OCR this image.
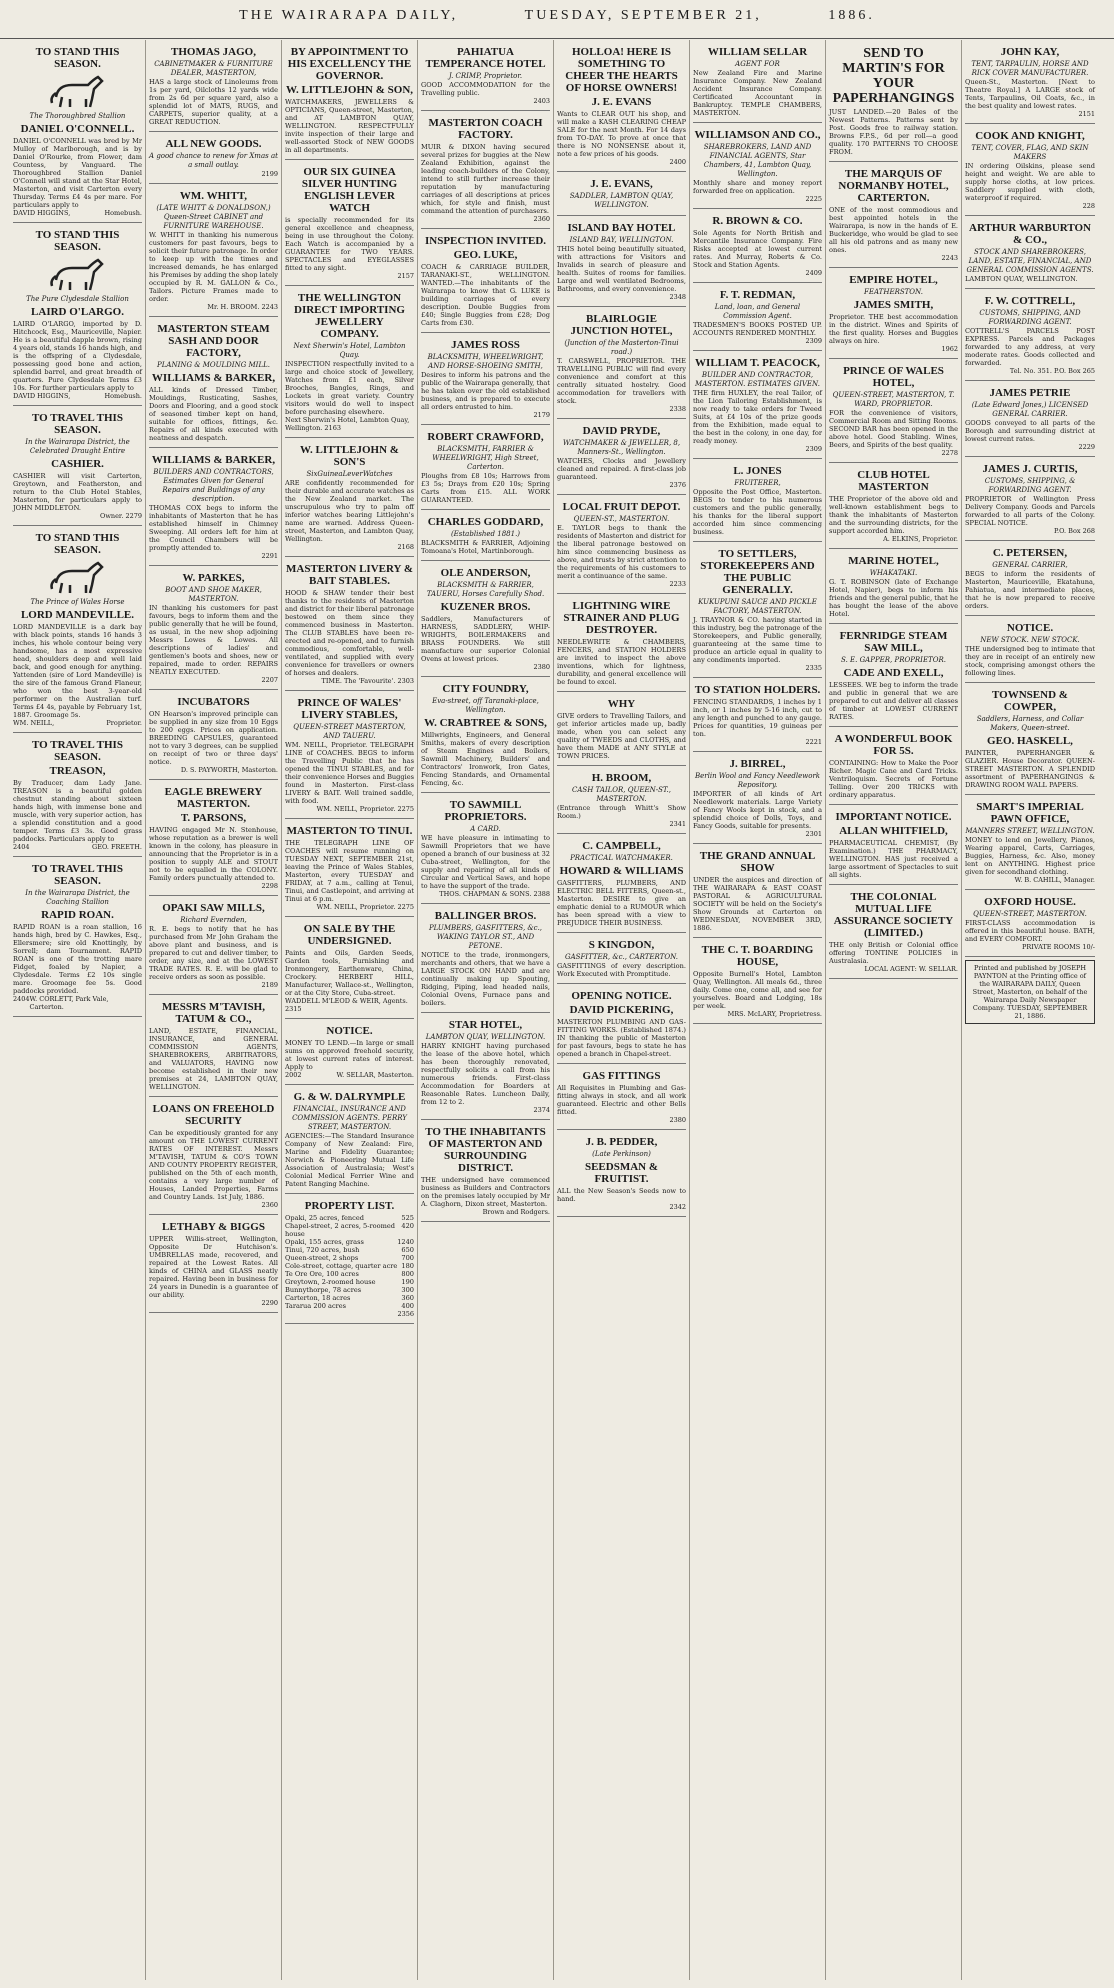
THE WAIRARAPA DAILY,	TUESDAY, SEPTEMBER 21,	1886.
TO STAND THIS SEASON.
The Thoroughbred Stallion
DANIEL O'CONNELL.
DANIEL O'CONNELL was bred by Mr Mulloy of Marlborough, and is by Daniel O'Rourke, from Flower, dam Countess, by Vanguard. The Thoroughbred Stallion Daniel O'Connell will stand at the Star Hotel, Masterton, and visit Carterton every Thursday. Terms £4 4s per mare. For particulars apply to
DAVID HIGGINS,	Homebush.
TO STAND THIS SEASON.
The Pure Clydesdale Stallion
LAIRD O'LARGO.
LAIRD O'LARGO, imported by D. Hitchcock, Esq., Mauriceville, Napier. He is a beautiful dapple brown, rising 4 years old, stands 16 hands high, and is the offspring of a Clydesdale, possessing good bone and action, splendid barrel, and great breadth of quarters. Pure Clydesdale Terms £3 10s. For further particulars apply to
DAVID HIGGINS,	Homebush.
TO TRAVEL THIS SEASON.
In the Wairarapa District, the Celebrated Draught Entire
CASHIER.
CASHIER will visit Carterton, Greytown, and Featherston, and return to the Club Hotel Stables, Masterton, for particulars apply to JOHN MIDDLETON.
Owner. 2279
TO STAND THIS SEASON.
The Prince of Wales Horse
LORD MANDEVILLE.
LORD MANDEVILLE is a dark bay with black points, stands 16 hands 3 inches, his whole contour being very handsome, has a most expressive head, shoulders deep and well laid back, and good enough for anything. Yattenden (sire of Lord Mandeville) is the sire of the famous Grand Flaneur, who won the best 3-year-old performer on the Australian turf. Terms £4 4s, payable by February 1st, 1887. Groomage 5s.
WM. NEILL,	Proprietor.
TO TRAVEL THIS SEASON.
TREASON,
By Traducer, dam Lady Jane. TREASON is a beautiful golden chestnut standing about sixteen hands high, with immense bone and muscle, with very superior action, has a splendid constitution and a good temper. Terms £3 3s. Good grass paddocks. Particulars apply to
2404	GEO. FREETH.
TO TRAVEL THIS SEASON.
In the Wairarapa District, the Coaching Stallion
RAPID ROAN.
RAPID ROAN is a roan stallion, 16 hands high, bred by C. Hawkes, Esq., Ellersmere; sire old Knottingly, by Sorrell; dam Tournament. RAPID ROAN is one of the trotting mare Fidget, foaled by Napier, a Clydesdale. Terms £2 10s single mare. Groomage fee 5s. Good paddocks provided.
2404 W. CORLETT, Park Vale, Carterton.
THOMAS JAGO,
CABINETMAKER & FURNITURE DEALER, MASTERTON,
HAS a large stock of Linoleums from 1s per yard, Oilcloths 12 yards wide from 2s 6d per square yard, also a splendid lot of MATS, RUGS, and CARPETS, superior quality, at a GREAT REDUCTION.
ALL NEW GOODS.
A good chance to renew for Xmas at a small outlay.
2199
WM. WHITT,
(LATE WHITT & DONALDSON,) Queen-Street CABINET and FURNITURE WAREHOUSE.
W. WHITT in thanking his numerous customers for past favours, begs to solicit their future patronage. In order to keep up with the times and increased demands, he has enlarged his Premises by adding the shop lately occupied by R. M. GALLON & Co., Tailors. Picture Frames made to order.
Mr. H. BROOM. 2243
MASTERTON STEAM SASH AND DOOR FACTORY,
PLANING & MOULDING MILL.
WILLIAMS & BARKER,
ALL kinds of Dressed Timber, Mouldings, Rusticating, Sashes, Doors and Flooring, and a good stock of seasoned timber kept on hand, suitable for offices, fittings, &c. Repairs of all kinds executed with neatness and despatch.
WILLIAMS & BARKER,
BUILDERS AND CONTRACTORS, Estimates Given for General Repairs and Buildings of any description.
THOMAS COX begs to inform the inhabitants of Masterton that he has established himself in Chimney Sweeping. All orders left for him at the Council Chambers will be promptly attended to.
2291
W. PARKES,
BOOT AND SHOE MAKER, MASTERTON.
IN thanking his customers for past favours, begs to inform them and the public generally that he will be found, as usual, in the new shop adjoining Messrs Lowes & Lowes. All descriptions of ladies' and gentlemen's boots and shoes, new or repaired, made to order. REPAIRS NEATLY EXECUTED.
2207
INCUBATORS
ON Hearson's improved principle can be supplied in any size from 10 Eggs to 200 eggs. Prices on application. BREEDING CAPSULES, guaranteed not to vary 3 degrees, can be supplied on receipt of two or three days' notice.
D. S. PAYWORTH, Masterton.
EAGLE BREWERY MASTERTON.
T. PARSONS,
HAVING engaged Mr N. Stenhouse, whose reputation as a brewer is well known in the colony, has pleasure in announcing that the Proprietor is in a position to supply ALE and STOUT not to be equalled in the COLONY. Family orders punctually attended to.
2298
OPAKI SAW MILLS,
Richard Evernden,
R. E. begs to notify that he has purchased from Mr John Graham the above plant and business, and is prepared to cut and deliver timber, to order, any size, and at the LOWEST TRADE RATES. R. E. will be glad to receive orders as soon as possible.
2189
MESSRS M'TAVISH, TATUM & CO.,
LAND, ESTATE, FINANCIAL, INSURANCE, and GENERAL COMMISSION AGENTS, SHAREBROKERS, ARBITRATORS, and VALUATORS, HAVING now become established in their new premises at 24, LAMBTON QUAY, WELLINGTON.
LOANS ON FREEHOLD SECURITY
Can be expeditiously granted for any amount on THE LOWEST CURRENT RATES OF INTEREST. Messrs M'TAVISH, TATUM & CO'S TOWN AND COUNTY PROPERTY REGISTER, published on the 5th of each month, contains a very large number of Houses, Landed Properties, Farms and Country Lands. 1st July, 1886.
2360
LETHABY & BIGGS
UPPER Willis-street, Wellington, Opposite Dr Hutchison's. UMBRELLAS made, recovered, and repaired at the Lowest Rates. All kinds of CHINA and GLASS neatly repaired. Having been in business for 24 years in Dunedin is a guarantee of our ability.
2290
BY APPOINTMENT TO HIS EXCELLENCY THE GOVERNOR.
W. LITTLEJOHN & SON,
WATCHMAKERS, JEWELLERS & OPTICIANS, Queen-street, Masterton, and AT LAMBTON QUAY, WELLINGTON. RESPECTFULLY invite inspection of their large and well-assorted Stock of NEW GOODS in all departments.
OUR SIX GUINEA SILVER HUNTING ENGLISH LEVER WATCH
is specially recommended for its general excellence and cheapness, being in use throughout the Colony. Each Watch is accompanied by a GUARANTEE for TWO YEARS. SPECTACLES and EYEGLASSES fitted to any sight.
2157
THE WELLINGTON DIRECT IMPORTING JEWELLERY COMPANY.
Next Sherwin's Hotel, Lambton Quay.
INSPECTION respectfully invited to a large and choice stock of Jewellery, Watches from £1 each, Silver Brooches, Bangles, Rings, and Lockets in great variety. Country visitors would do well to inspect before purchasing elsewhere.
Next Sherwin's Hotel, Lambton Quay, Wellington. 2163
W. LITTLEJOHN & SON'S
SixGuineaLeverWatches
ARE confidently recommended for their durable and accurate watches as the New Zealand market. The unscrupulous who try to palm off inferior watches bearing Littlejohn's name are warned. Address Queen-street, Masterton, and Lambton Quay, Wellington.
2168
MASTERTON LIVERY & BAIT STABLES.
HOOD & SHAW tender their best thanks to the residents of Masterton and district for their liberal patronage bestowed on them since they commenced business in Masterton. The CLUB STABLES have been re-erected and re-opened, and to furnish commodious, comfortable, well-ventilated, and supplied with every convenience for travellers or owners of horses and dealers.
TIME. The 'Favourite'. 2303
PRINCE OF WALES' LIVERY STABLES,
QUEEN-STREET MASTERTON, AND TAUERU.
WM. NEILL, Proprietor. TELEGRAPH LINE of COACHES. BEGS to inform the Travelling Public that he has opened the TINUI STABLES, and for their convenience Horses and Buggies found in Masterton. First-class LIVERY & BAIT. Well trained saddle, with food.
WM. NEILL, Proprietor. 2275
MASTERTON TO TINUI.
THE TELEGRAPH LINE OF COACHES will resume running on TUESDAY NEXT, SEPTEMBER 21st, leaving the Prince of Wales Stables, Masterton, every TUESDAY and FRIDAY, at 7 a.m., calling at Tenui, Tinui, and Castlepoint, and arriving at Tinui at 6 p.m.
WM. NEILL, Proprietor. 2275
ON SALE BY THE UNDERSIGNED.
Paints and Oils, Garden Seeds, Garden tools, Furnishing and Ironmongery, Earthenware, China, Crockery. HERBERT HILL, Manufacturer, Wallace-st., Wellington, or at the City Store, Cuba-street.
WADDELL M'LEOD & WEIR, Agents. 2315
NOTICE.
MONEY TO LEND.—In large or small sums on approved freehold security, at lowest current rates of interest. Apply to
2002	W. SELLAR, Masterton.
G. & W. DALRYMPLE
FINANCIAL, INSURANCE AND COMMISSION AGENTS. PERRY STREET, MASTERTON.
AGENCIES:—The Standard Insurance Company of New Zealand: Fire, Marine and Fidelity Guarantee; Norwich & Pioneering Mutual Life Association of Australasia; West's Colonial Medical Ferrier Wine and Patent Ranging Machine.
PROPERTY LIST.
Opaki, 25 acres, fenced	525
Chapel-street, 2 acres, 5-roomed house
420
Opaki, 155 acres, grass	1240
Tinui, 720 acres, bush	650
Queen-street, 2 shops	700
Cole-street, cottage, quarter acre 180
Te Ore Ore, 100 acres	800
Greytown, 2-roomed house	190
Bunnythorpe, 78 acres	300
Carterton, 18 acres	360
Tararua 200 acres	400
2356
PAHIATUA TEMPERANCE HOTEL
J. CRIMP, Proprietor.
GOOD ACCOMMODATION for the Travelling public.
2403
MASTERTON COACH FACTORY.
MUIR & DIXON having secured several prizes for buggies at the New Zealand Exhibition, against the leading coach-builders of the Colony, intend to still further increase their reputation by manufacturing carriages of all descriptions at prices which, for style and finish, must command the attention of purchasers.
2360
INSPECTION INVITED.
GEO. LUKE,
COACH & CARRIAGE BUILDER, TARANAKI-ST., WELLINGTON. WANTED.—The inhabitants of the Wairarapa to know that G. LUKE is building carriages of every description. Double Buggies from £40; Single Buggies from £28; Dog Carts from £30.
JAMES ROSS
BLACKSMITH, WHEELWRIGHT, AND HORSE-SHOEING SMITH,
Desires to inform his patrons and the public of the Wairarapa generally, that he has taken over the old established business, and is prepared to execute all orders entrusted to him.
2179
ROBERT CRAWFORD,
BLACKSMITH, FARRIER & WHEELWRIGHT, High Street, Carterton.
Ploughs from £8 10s; Harrows from £3 5s; Drays from £20 10s; Spring Carts from £15. ALL WORK GUARANTEED.
CHARLES GODDARD,
(Established 1881.)
BLACKSMITH & FARRIER, Adjoining Tomoana's Hotel, Martinborough.
OLE ANDERSON,
BLACKSMITH & FARRIER, TAUERU, Horses Carefully Shod.
KUZENER BROS.
Saddlers, Manufacturers of HARNESS, SADDLERY, WHIP-WRIGHTS, BOILERMAKERS and BRASS FOUNDERS. We still manufacture our superior Colonial Ovens at lowest prices.
2380
CITY FOUNDRY,
Eva-street, off Taranaki-place, Wellington.
W. CRABTREE & SONS,
Millwrights, Engineers, and General Smiths, makers of every description of Steam Engines and Boilers, Sawmill Machinery, Builders' and Contractors' Ironwork, Iron Gates, Fencing Standards, and Ornamental Fencing, &c.
TO SAWMILL PROPRIETORS.
A CARD.
WE have pleasure in intimating to Sawmill Proprietors that we have opened a branch of our business at 32 Cuba-street, Wellington, for the supply and repairing of all kinds of Circular and Vertical Saws, and hope to have the support of the trade.
THOS. CHAPMAN & SONS. 2388
BALLINGER BROS.
PLUMBERS, GASFITTERS, &c., WAKING TAYLOR ST., AND PETONE.
NOTICE to the trade, ironmongers, merchants and others, that we have a LARGE STOCK ON HAND and are continually making up Spouting, Ridging, Piping, lead headed nails, Colonial Ovens, Furnace pans and boilers.
STAR HOTEL,
LAMBTON QUAY, WELLINGTON.
HARRY KNIGHT having purchased the lease of the above hotel, which has been thoroughly renovated, respectfully solicits a call from his numerous friends. First-class Accommodation for Boarders at Reasonable Rates. Luncheon Daily, from 12 to 2.
2374
TO THE INHABITANTS OF MASTERTON AND SURROUNDING DISTRICT.
THE undersigned have commenced business as Builders and Contractors on the premises lately occupied by Mr A. Claghorn, Dixon street, Masterton.
Brown and Rodgers.
HOLLOA! HERE IS SOMETHING TO CHEER THE HEARTS OF HORSE OWNERS!
J. E. EVANS
Wants to CLEAR OUT his shop, and will make a KASH CLEARING CHEAP SALE for the next Month. For 14 days from TO-DAY. To prove at once that there is NO NONSENSE about it, note a few prices of his goods.
2400
J. E. EVANS,
SADDLER, LAMBTON QUAY, WELLINGTON.
ISLAND BAY HOTEL
ISLAND BAY, WELLINGTON.
THIS hotel being beautifully situated, with attractions for Visitors and Invalids in search of pleasure and health. Suites of rooms for families. Large and well ventilated Bedrooms, Bathrooms, and every convenience.
2348
BLAIRLOGIE JUNCTION HOTEL,
(Junction of the Masterton-Tinui road.)
T. CARSWELL, PROPRIETOR. THE TRAVELLING PUBLIC will find every convenience and comfort at this centrally situated hostelry. Good accommodation for travellers with stock.
2338
DAVID PRYDE,
WATCHMAKER & JEWELLER, 8, Manners-St., Wellington.
WATCHES, Clocks and Jewellery cleaned and repaired. A first-class job guaranteed.
2376
LOCAL FRUIT DEPOT.
QUEEN-ST., MASTERTON.
E. TAYLOR begs to thank the residents of Masterton and district for the liberal patronage bestowed on him since commencing business as above, and trusts by strict attention to the requirements of his customers to merit a continuance of the same.
2233
LIGHTNING WIRE STRAINER AND PLUG DESTROYER.
NEEDLEWRITE & CHAMBERS, FENCERS, and STATION HOLDERS are invited to inspect the above inventions, which for lightness, durability, and general excellence will be found to excel.
WHY
GIVE orders to Travelling Tailors, and get inferior articles made up, badly made, when you can select any quality of TWEEDS and CLOTHS, and have them MADE at ANY STYLE at TOWN PRICES.
H. BROOM,
CASH TAILOR, QUEEN-ST., MASTERTON.
(Entrance through Whitt's Show Room.)
2341
C. CAMPBELL,
PRACTICAL WATCHMAKER.
HOWARD & WILLIAMS
GASFITTERS, PLUMBERS, AND ELECTRIC BELL FITTERS, Queen-st., Masterton. DESIRE to give an emphatic denial to a RUMOUR which has been spread with a view to PREJUDICE THEIR BUSINESS.
S KINGDON,
GASFITTER, &c., CARTERTON.
GASFITTINGS of every description. Work Executed with Promptitude.
OPENING NOTICE.
DAVID PICKERING,
MASTERTON PLUMBING AND GAS-FITTING WORKS. (Established 1874.) IN thanking the public of Masterton for past favours, begs to state he has opened a branch in Chapel-street.
GAS FITTINGS
All Requisites in Plumbing and Gas-fitting always in stock, and all work guaranteed. Electric and other Bells fitted.
2380
J. B. PEDDER,
(Late Perkinson)
SEEDSMAN & FRUITIST.
ALL the New Season's Seeds now to hand.
2342
WILLIAM SELLAR
AGENT FOR
New Zealand Fire and Marine Insurance Company. New Zealand Accident Insurance Company. Certificated Accountant in Bankruptcy. TEMPLE CHAMBERS, MASTERTON.
WILLIAMSON AND CO.,
SHAREBROKERS, LAND AND FINANCIAL AGENTS, Star Chambers, 41, Lambton Quay, Wellington.
Monthly share and money report forwarded free on application.
2225
R. BROWN & CO.
Sole Agents for North British and Mercantile Insurance Company. Fire Risks accepted at lowest current rates. And Murray, Roberts & Co. Stock and Station Agents.
2409
F. T. REDMAN,
Land, loan, and General Commission Agent.
TRADESMEN'S BOOKS POSTED UP. ACCOUNTS RENDERED MONTHLY.
2309
WILLIAM T. PEACOCK,
BUILDER AND CONTRACTOR, MASTERTON. ESTIMATES GIVEN.
THE firm HUXLEY, the real Tailor, of the Lion Tailoring Establishment, is now ready to take orders for Tweed Suits, at £4 10s of the prize goods from the Exhibition, made equal to the best in the colony, in one day, for ready money.
2309
L. JONES
FRUITERER,
Opposite the Post Office, Masterton. BEGS to tender to his numerous customers and the public generally, his thanks for the liberal support accorded him since commencing business.
TO SETTLERS, STOREKEEPERS AND THE PUBLIC GENERALLY.
KUKUPUNI SAUCE AND PICKLE FACTORY, MASTERTON.
J. TRAYNOR & CO. having started in this industry, beg the patronage of the Storekeepers, and Public generally, guaranteeing at the same time to produce an article equal in quality to any condiments imported.
2335
TO STATION HOLDERS.
FENCING STANDARDS, 1 inches by 1 inch, or 1 inches by 5-16 inch, cut to any length and punched to any gauge. Prices for quantities, 19 guineas per ton.
2221
J. BIRREL,
Berlin Wool and Fancy Needlework Repository.
IMPORTER of all kinds of Art Needlework materials. Large Variety of Fancy Wools kept in stock, and a splendid choice of Dolls, Toys, and Fancy Goods, suitable for presents.
2301
THE GRAND ANNUAL SHOW
UNDER the auspices and direction of THE WAIRARAPA & EAST COAST PASTORAL & AGRICULTURAL SOCIETY will be held on the Society's Show Grounds at Carterton on WEDNESDAY, NOVEMBER 3RD, 1886.
THE C. T. BOARDING HOUSE,
Opposite Burnell's Hotel, Lambton Quay, Wellington. All meals 6d., three daily. Come one, come all, and see for yourselves. Board and Lodging, 18s per week.
MRS. McLARY, Proprietress.
SEND TO MARTIN'S FOR YOUR PAPERHANGINGS
JUST LANDED.—20 Bales of the Newest Patterns. Patterns sent by Post. Goods free to railway station. Browns F.P.S., 6d per roll—a good quality. 170 PATTERNS TO CHOOSE FROM.
THE MARQUIS OF NORMANBY HOTEL, CARTERTON.
ONE of the most commodious and best appointed hotels in the Wairarapa, is now in the hands of E. Buckeridge, who would be glad to see all his old patrons and as many new ones.
2243
EMPIRE HOTEL,
FEATHERSTON.
JAMES SMITH,
Proprietor. THE best accommodation in the district. Wines and Spirits of the first quality. Horses and Buggies always on hire.
1962
PRINCE OF WALES HOTEL,
QUEEN-STREET, MASTERTON, T. WARD, PROPRIETOR.
FOR the convenience of visitors, Commercial Room and Sitting Rooms. SECOND BAR has been opened in the above hotel. Good Stabling. Wines, Beers, and Spirits of the best quality.
2278
CLUB HOTEL MASTERTON
THE Proprietor of the above old and well-known establishment begs to thank the inhabitants of Masterton and the surrounding districts, for the support accorded him.
A. ELKINS, Proprietor.
MARINE HOTEL,
WHAKATAKI.
G. T. ROBINSON (late of Exchange Hotel, Napier), begs to inform his friends and the general public, that he has bought the lease of the above Hotel.
FERNRIDGE STEAM SAW MILL,
S. E. GAPPER, PROPRIETOR.
CADE AND EXELL,
LESSEES. WE beg to inform the trade and public in general that we are prepared to cut and deliver all classes of timber at LOWEST CURRENT RATES.
A WONDERFUL BOOK FOR 5S.
CONTAINING: How to Make the Poor Richer. Magic Cane and Card Tricks. Ventriloquism. Secrets of Fortune Telling. Over 200 TRICKS with ordinary apparatus.
IMPORTANT NOTICE.
ALLAN WHITFIELD,
PHARMACEUTICAL CHEMIST, (By Examination.) THE PHARMACY, WELLINGTON. HAS just received a large assortment of Spectacles to suit all sights.
THE COLONIAL MUTUAL LIFE ASSURANCE SOCIETY (LIMITED.)
THE only British or Colonial office offering TONTINE POLICIES in Australasia.
LOCAL AGENT: W. SELLAR.
JOHN KAY,
TENT, TARPAULIN, HORSE AND RICK COVER MANUFACTURER.
Queen-St., Masterton. [Next to Theatre Royal.] A LARGE stock of Tents, Tarpaulins, Oil Coats, &c., in the best quality and lowest rates.
2151
COOK AND KNIGHT,
TENT, COVER, FLAG, AND SKIN MAKERS
IN ordering Oilskins, please send height and weight. We are able to supply horse cloths, at low prices. Saddlery supplied with cloth, waterproof if required.
228
ARTHUR WARBURTON & CO.,
STOCK AND SHAREBROKERS, LAND, ESTATE, FINANCIAL, AND GENERAL COMMISSION AGENTS.
LAMBTON QUAY, WELLINGTON.
F. W. COTTRELL,
CUSTOMS, SHIPPING, AND FORWARDING AGENT.
COTTRELL'S PARCELS POST EXPRESS. Parcels and Packages forwarded to any address, at very moderate rates. Goods collected and forwarded.
Tel. No. 351. P.O. Box 265
JAMES PETRIE
(Late Edward Jones,) LICENSED GENERAL CARRIER.
GOODS conveyed to all parts of the Borough and surrounding district at lowest current rates.
2229
JAMES J. CURTIS,
CUSTOMS, SHIPPING, & FORWARDING AGENT.
PROPRIETOR of Wellington Press Delivery Company. Goods and Parcels forwarded to all parts of the Colony. SPECIAL NOTICE.
P.O. Box 268
C. PETERSEN,
GENERAL CARRIER,
BEGS to inform the residents of Masterton, Mauriceville, Ekatahuna, Pahiatua, and intermediate places, that he is now prepared to receive orders.
NOTICE.
NEW STOCK. NEW STOCK.
THE undersigned beg to intimate that they are in receipt of an entirely new stock, comprising amongst others the following lines.
TOWNSEND & COWPER,
Saddlers, Harness, and Collar Makers, Queen-street.
GEO. HASKELL,
PAINTER, PAPERHANGER & GLAZIER. House Decorator. QUEEN-STREET MASTERTON. A SPLENDID assortment of PAPERHANGINGS & DRAWING ROOM WALL PAPERS.
SMART'S IMPERIAL PAWN OFFICE,
MANNERS STREET, WELLINGTON.
MONEY to lend on Jewellery, Pianos, Wearing apparel, Carts, Carriages, Buggies, Harness, &c. Also, money lent on ANYTHING. Highest price given for secondhand clothing.
W. B. CAHILL, Manager.
OXFORD HOUSE.
QUEEN-STREET, MASTERTON.
FIRST-CLASS accommodation is offered in this beautiful house. BATH, and EVERY COMFORT.
PRIVATE ROOMS 10/-
Printed and published by JOSEPH PAYNTON at the Printing office of the WAIRARAPA DAILY, Queen Street, Masterton, on behalf of the Wairarapa Daily Newspaper Company. TUESDAY, SEPTEMBER 21, 1886.
